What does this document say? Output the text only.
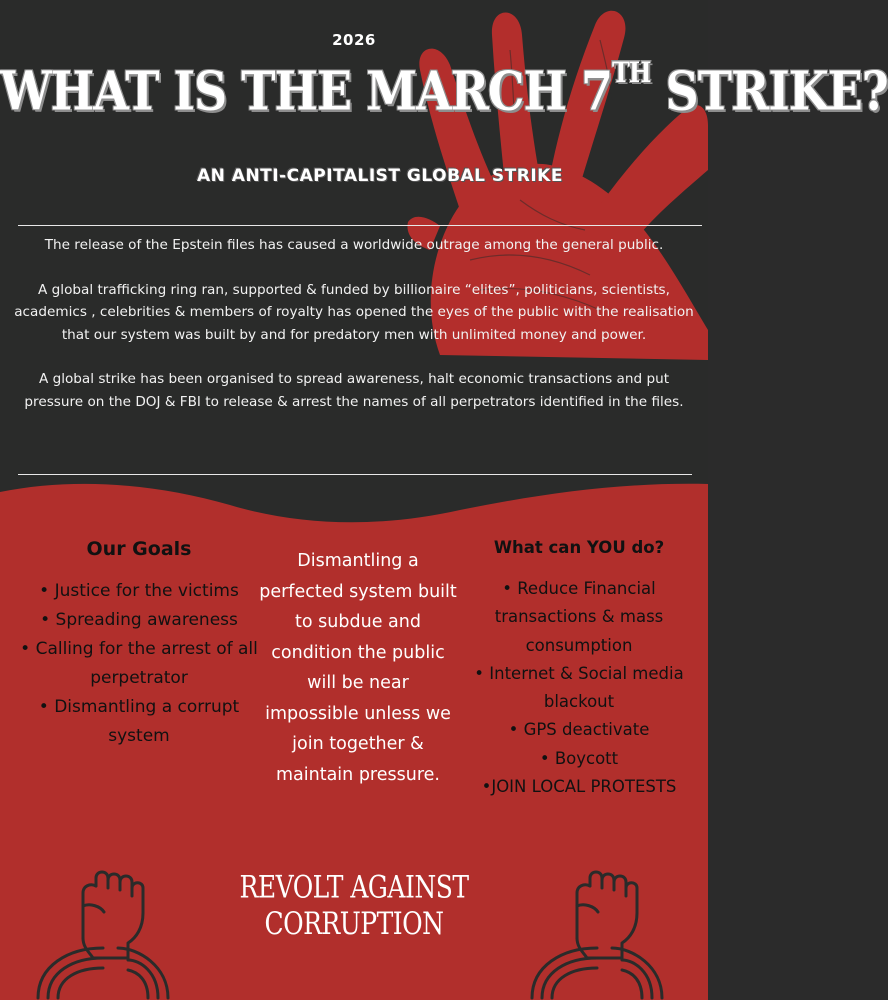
2026
WHAT IS THE MARCH 7TH STRIKE?
AN ANTI-CAPITALIST GLOBAL STRIKE

The release of the Epstein files has caused a worldwide outrage among the general public.

A global trafficking ring ran, supported & funded by billionaire “elites”, politicians, scientists, academics , celebrities & members of royalty has opened the eyes of the public with the realisation that our system was built by and for predatory men with unlimited money and power.

A global strike has been organised to spread awareness, halt economic transactions and put pressure on the DOJ & FBI to release & arrest the names of all perpetrators identified in the files.

Our Goals
• Justice for the victims
• Spreading awareness
• Calling for the arrest of all perpetrator
• Dismantling a corrupt system
Dismantling a perfected system built to subdue and condition the public will be near impossible unless we join together & maintain pressure.
What can YOU do?
• Reduce Financial transactions & mass consumption
• Internet & Social media blackout
• GPS deactivate
• Boycott
•JOIN LOCAL PROTESTS
REVOLT AGAINST CORRUPTION
